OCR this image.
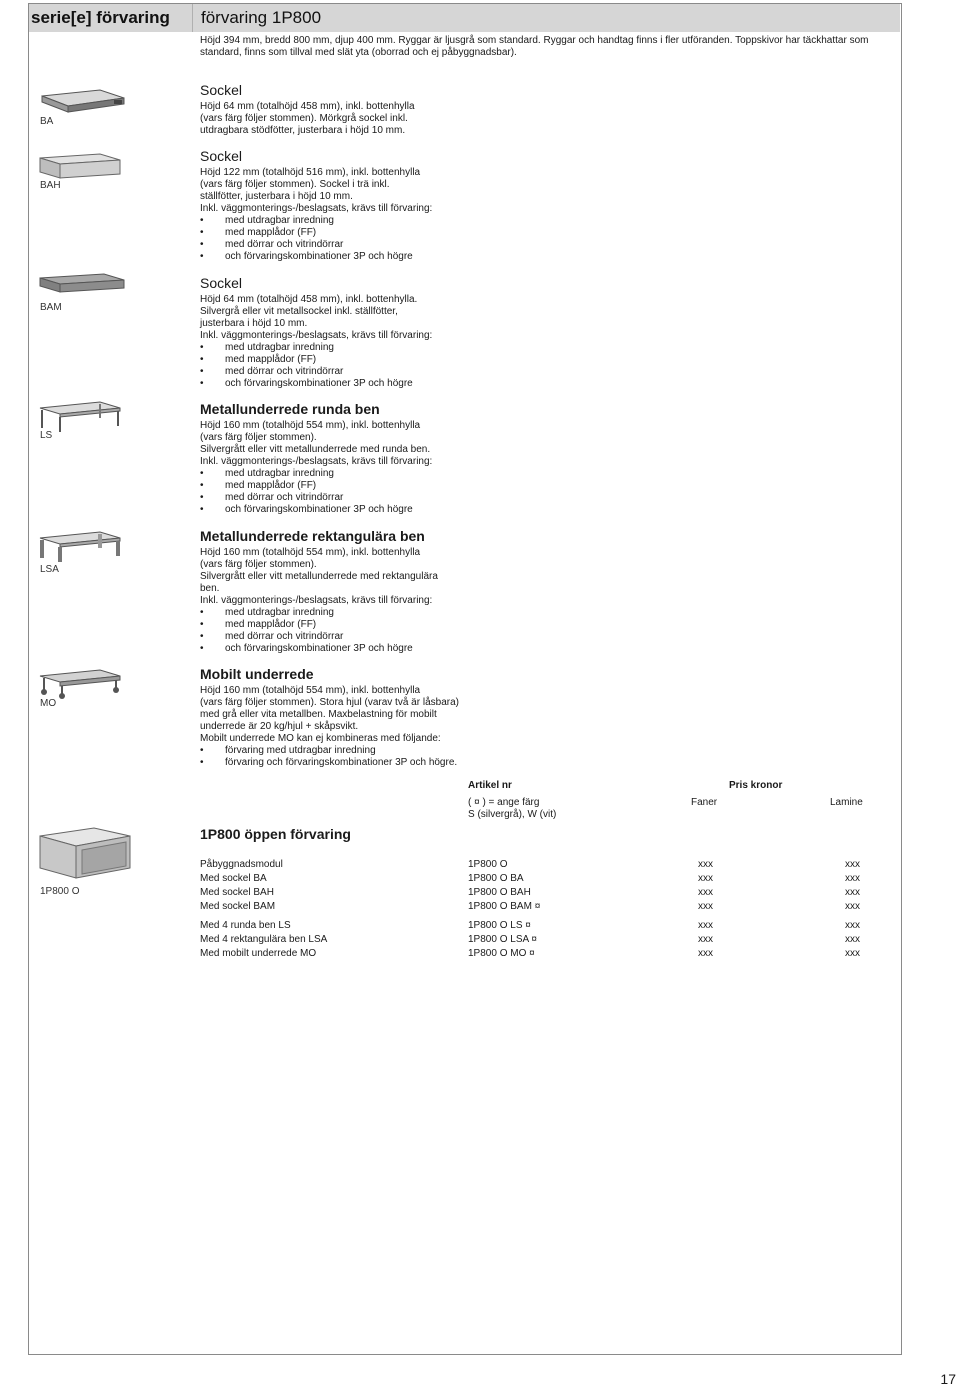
serie[e] förvaring förvaring 1P800
Höjd 394 mm, bredd 800 mm, djup 400 mm. Ryggar är ljusgrå som standard. Ryggar och handtag finns i fler utföranden. Toppskivor har täckhattar som standard, finns som tillval med slät yta (oborrad och ej påbyggnadsbar).
BA
BAH
BAM
LS
LSA
MO
1P800 O
Sockel
Höjd 64 mm (totalhöjd 458 mm), inkl. bottenhylla
(vars färg följer stommen). Mörkgrå sockel inkl.
utdragbara stödfötter, justerbara i höjd 10 mm.
Sockel
Höjd 122 mm (totalhöjd 516 mm), inkl. bottenhylla
(vars färg följer stommen). Sockel i trä inkl.
ställfötter, justerbara i höjd 10 mm.
Inkl. väggmonterings-/beslagsats, krävs till förvaring:
• med utdragbar inredning
• med mapplådor (FF)
• med dörrar och vitrindörrar
• och förvaringskombinationer 3P och högre
Sockel
Höjd 64 mm (totalhöjd 458 mm), inkl. bottenhylla.
Silvergrå eller vit metallsockel inkl. ställfötter,
justerbara i höjd 10 mm.
Inkl. väggmonterings-/beslagsats, krävs till förvaring:
• med utdragbar inredning
• med mapplådor (FF)
• med dörrar och vitrindörrar
• och förvaringskombinationer 3P och högre
Metallunderrede runda ben
Höjd 160 mm (totalhöjd 554 mm), inkl. bottenhylla
(vars färg följer stommen).
Silvergrått eller vitt metallunderrede med runda ben.
Inkl. väggmonterings-/beslagsats, krävs till förvaring:
• med utdragbar inredning
• med mapplådor (FF)
• med dörrar och vitrindörrar
• och förvaringskombinationer 3P och högre
Metallunderrede rektangulära ben
Höjd 160 mm (totalhöjd 554 mm), inkl. bottenhylla
(vars färg följer stommen).
Silvergrått eller vitt metallunderrede med rektangulära
ben.
Inkl. väggmonterings-/beslagsats, krävs till förvaring:
• med utdragbar inredning
• med mapplådor (FF)
• med dörrar och vitrindörrar
• och förvaringskombinationer 3P och högre
Mobilt underrede
Höjd 160 mm (totalhöjd 554 mm), inkl. bottenhylla
(vars färg följer stommen). Stora hjul (varav två är låsbara)
med grå eller vita metallben. Maxbelastning för mobilt
underrede är 20 kg/hjul + skåpsvikt.
Mobilt underrede MO kan ej kombineras med följande:
• förvaring med utdragbar inredning
• förvaring och förvaringskombinationer 3P och högre.
Artikel nr	Pris kronor
( ¤ ) = ange färg
S (silvergrå), W (vit)
Faner	Lamine
1P800 öppen förvaring
Påbyggnadsmodul	1P800 O	xxx	xxx
Med sockel BA	1P800 O BA	xxx	xxx
Med sockel BAH	1P800 O BAH	xxx	xxx
Med sockel BAM	1P800 O BAM ¤	xxx	xxx
Med 4 runda ben LS	1P800 O LS ¤	xxx	xxx
Med 4 rektangulära ben LSA	1P800 O LSA ¤	xxx	xxx
Med mobilt underrede MO	1P800 O MO ¤	xxx	xxx
17
